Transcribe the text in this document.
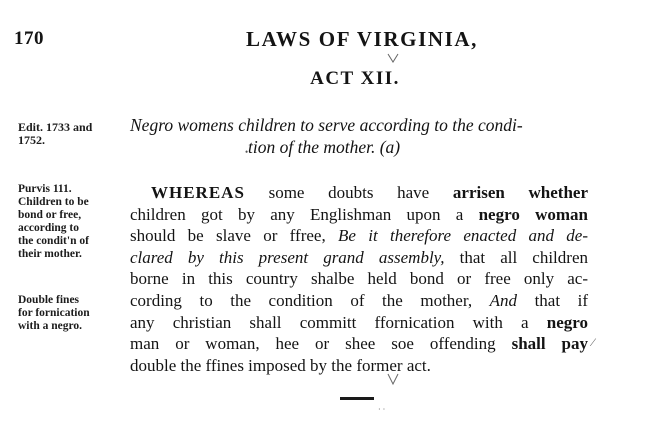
170	LAWS OF VIRGINIA,
ACT XII.
Edit. 1733 and
1752.
Purvis 111.
Children to be
bond or free,
according to
the condit'n of
their mother.
Double fines
for fornication
with a negro.
Negro womens children to serve according to the condi-
tion of the mother. (a)
WHEREAS some doubts have arrisen whether
children got by any Englishman upon a negro woman
should be slave or ffree, Be it therefore enacted and de-
clared by this present grand assembly, that all children
borne in this country shalbe held bond or free only ac-
cording to the condition of the mother, And that if
any christian shall committ ffornication with a negro
man or woman, hee or shee soe offending shall pay
double the ffines imposed by the former act.
•
⁄
· ·
